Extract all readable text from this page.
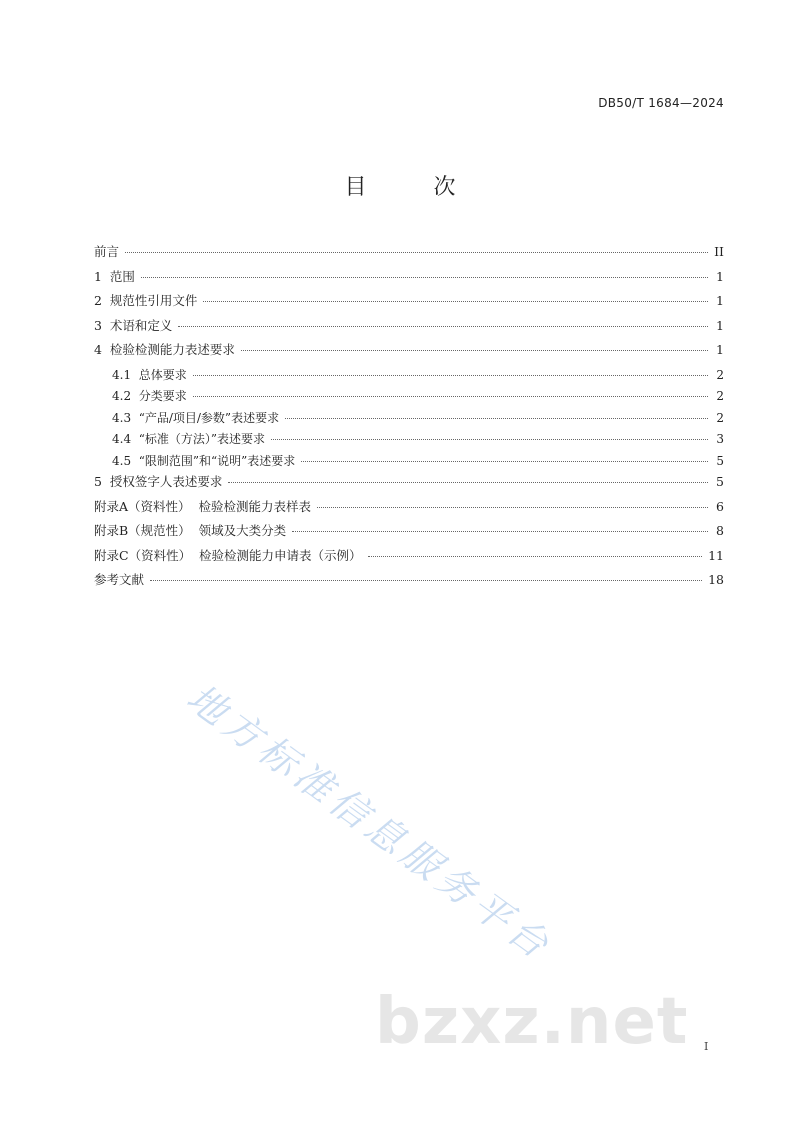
DB50/T 1684—2024
目 次
前言	II
1  范围	1
2  规范性引用文件	1
3  术语和定义	1
4  检验检测能力表述要求	1
4.1  总体要求	2
4.2  分类要求	2
4.3  “产品/项目/参数”表述要求	2
4.4  “标准（方法）”表述要求	3
4.5  “限制范围”和“说明”表述要求	5
5  授权签字人表述要求	5
附录A（资料性）  检验检测能力表样表	6
附录B（规范性）  领域及大类分类	8
附录C（资料性）  检验检测能力申请表（示例）	11
参考文献	18
地方标准信息服务平台
bzxz.net I
